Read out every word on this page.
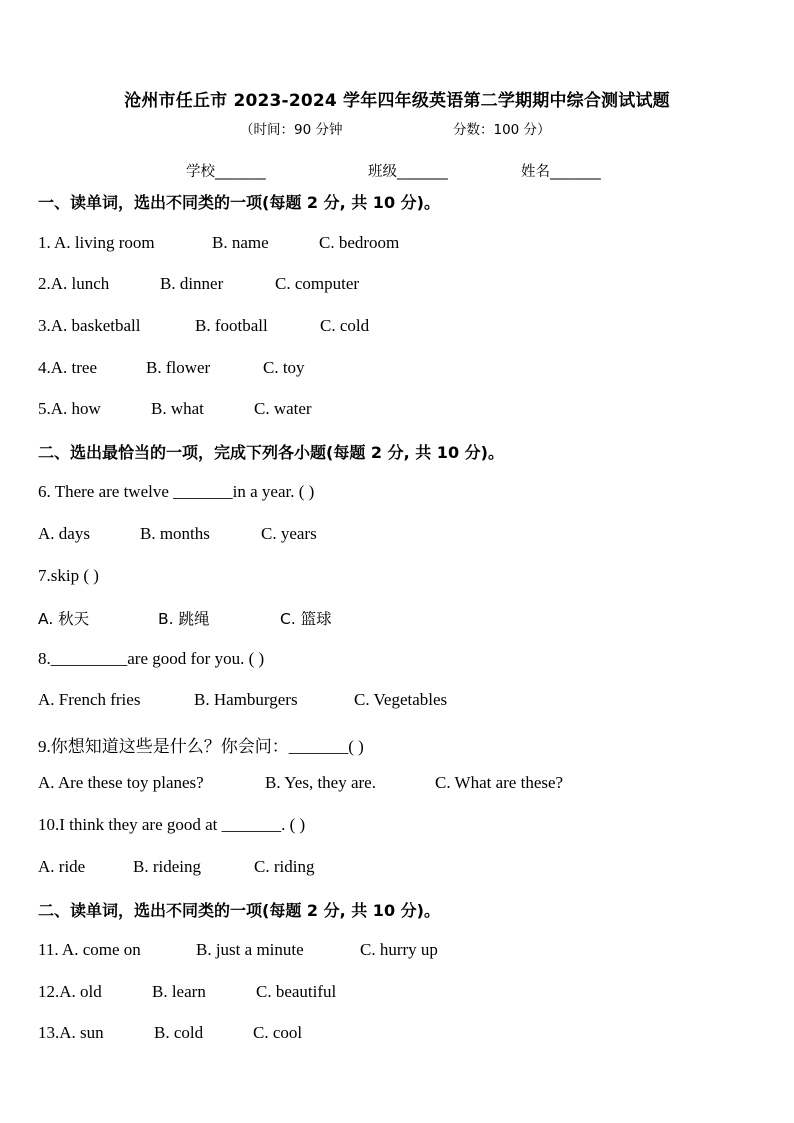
沧州市任丘市 2023-2024 学年四年级英语第二学期期中综合测试试题
（时间：90 分钟	分数：100 分）
学校_______	班级_______	姓名_______
一、读单词，选出不同类的一项(每题 2 分, 共 10 分)。
1. A. living room	B. name	C. bedroom
2.A. lunch	B. dinner	C. computer
3.A. basketball	B. football	C. cold
4.A. tree	B. flower	C. toy
5.A. how	B. what	C. water
二、选出最恰当的一项，完成下列各小题(每题 2 分, 共 10 分)。
6. There are twelve _______in a year. ( )
A. days	B. months	C. years
7.skip ( )
A. 秋天	B. 跳绳	C. 篮球
8._________are good for you. ( )
A. French fries	B. Hamburgers	C. Vegetables
9.你想知道这些是什么？你会问：_______( )
A. Are these toy planes?	B. Yes, they are.	C. What are these?
10.I think they are good at _______. ( )
A. ride	B. rideing	C. riding
二、读单词，选出不同类的一项(每题 2 分, 共 10 分)。
11. A. come on	B. just a minute	C. hurry up
12.A. old	B. learn	C. beautiful
13.A. sun	B. cold	C. cool
